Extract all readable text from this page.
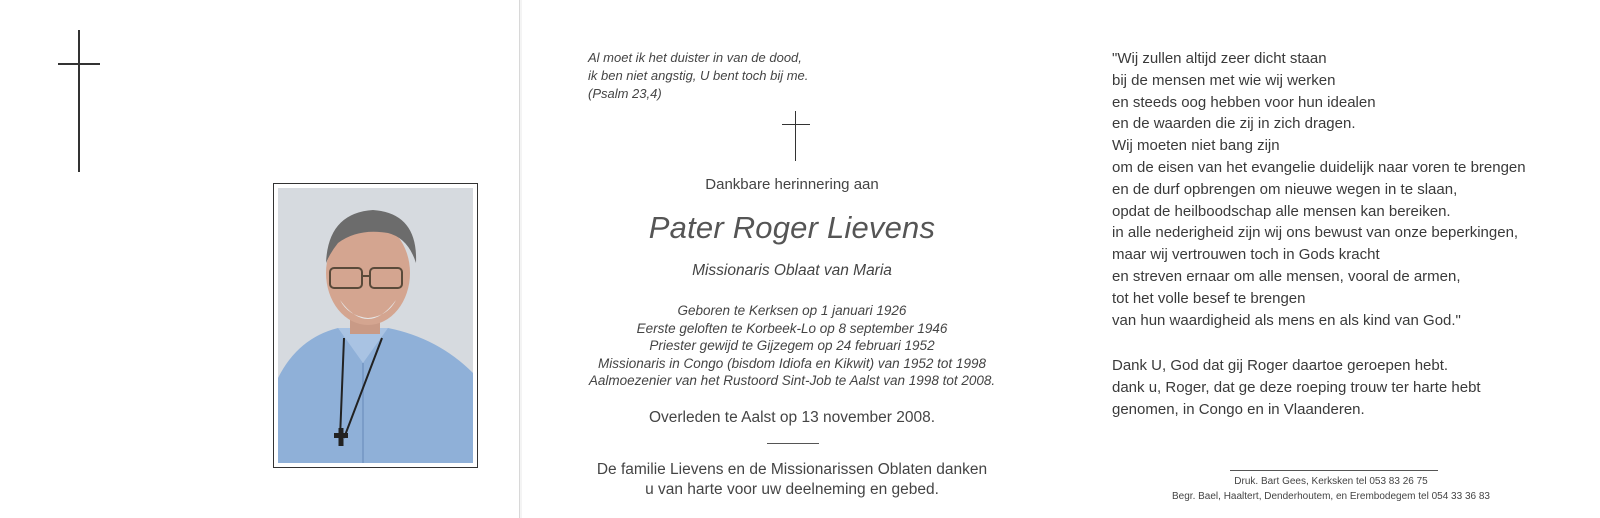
Al moet ik het duister in van de dood,
ik ben niet angstig, U bent toch bij me.
(Psalm 23,4)
Dankbare herinnering aan
Pater Roger Lievens
Missionaris Oblaat van Maria
Geboren te Kerksen op 1 januari 1926
Eerste geloften te Korbeek-Lo op 8 september 1946
Priester gewijd te Gijzegem op 24 februari 1952
Missionaris in Congo (bisdom Idiofa en Kikwit) van 1952 tot 1998
Aalmoezenier van het Rustoord Sint-Job te Aalst van 1998 tot 2008.
Overleden te Aalst op 13 november 2008.
De familie Lievens en de Missionarissen Oblaten danken
u van harte voor uw deelneming en gebed.
"Wij zullen altijd zeer dicht staan
bij de mensen met wie wij werken
en steeds oog hebben voor hun idealen
en de waarden die zij in zich dragen.
Wij moeten niet bang zijn
om de eisen van het evangelie duidelijk naar voren te brengen
en de durf opbrengen om nieuwe wegen in te slaan,
opdat de heilboodschap alle mensen kan bereiken.
in alle nederigheid zijn wij ons bewust van onze beperkingen,
maar wij vertrouwen toch in Gods kracht
en streven ernaar om alle mensen, vooral de armen,
tot het volle besef te brengen
van hun waardigheid als mens en als kind van God."
Dank U, God dat gij Roger daartoe geroepen hebt.
dank u, Roger, dat ge deze roeping trouw ter harte hebt
genomen, in Congo en in Vlaanderen.
Druk. Bart Gees, Kerksken tel 053 83 26 75
Begr. Bael, Haaltert, Denderhoutem, en Erembodegem tel 054 33 36 83
